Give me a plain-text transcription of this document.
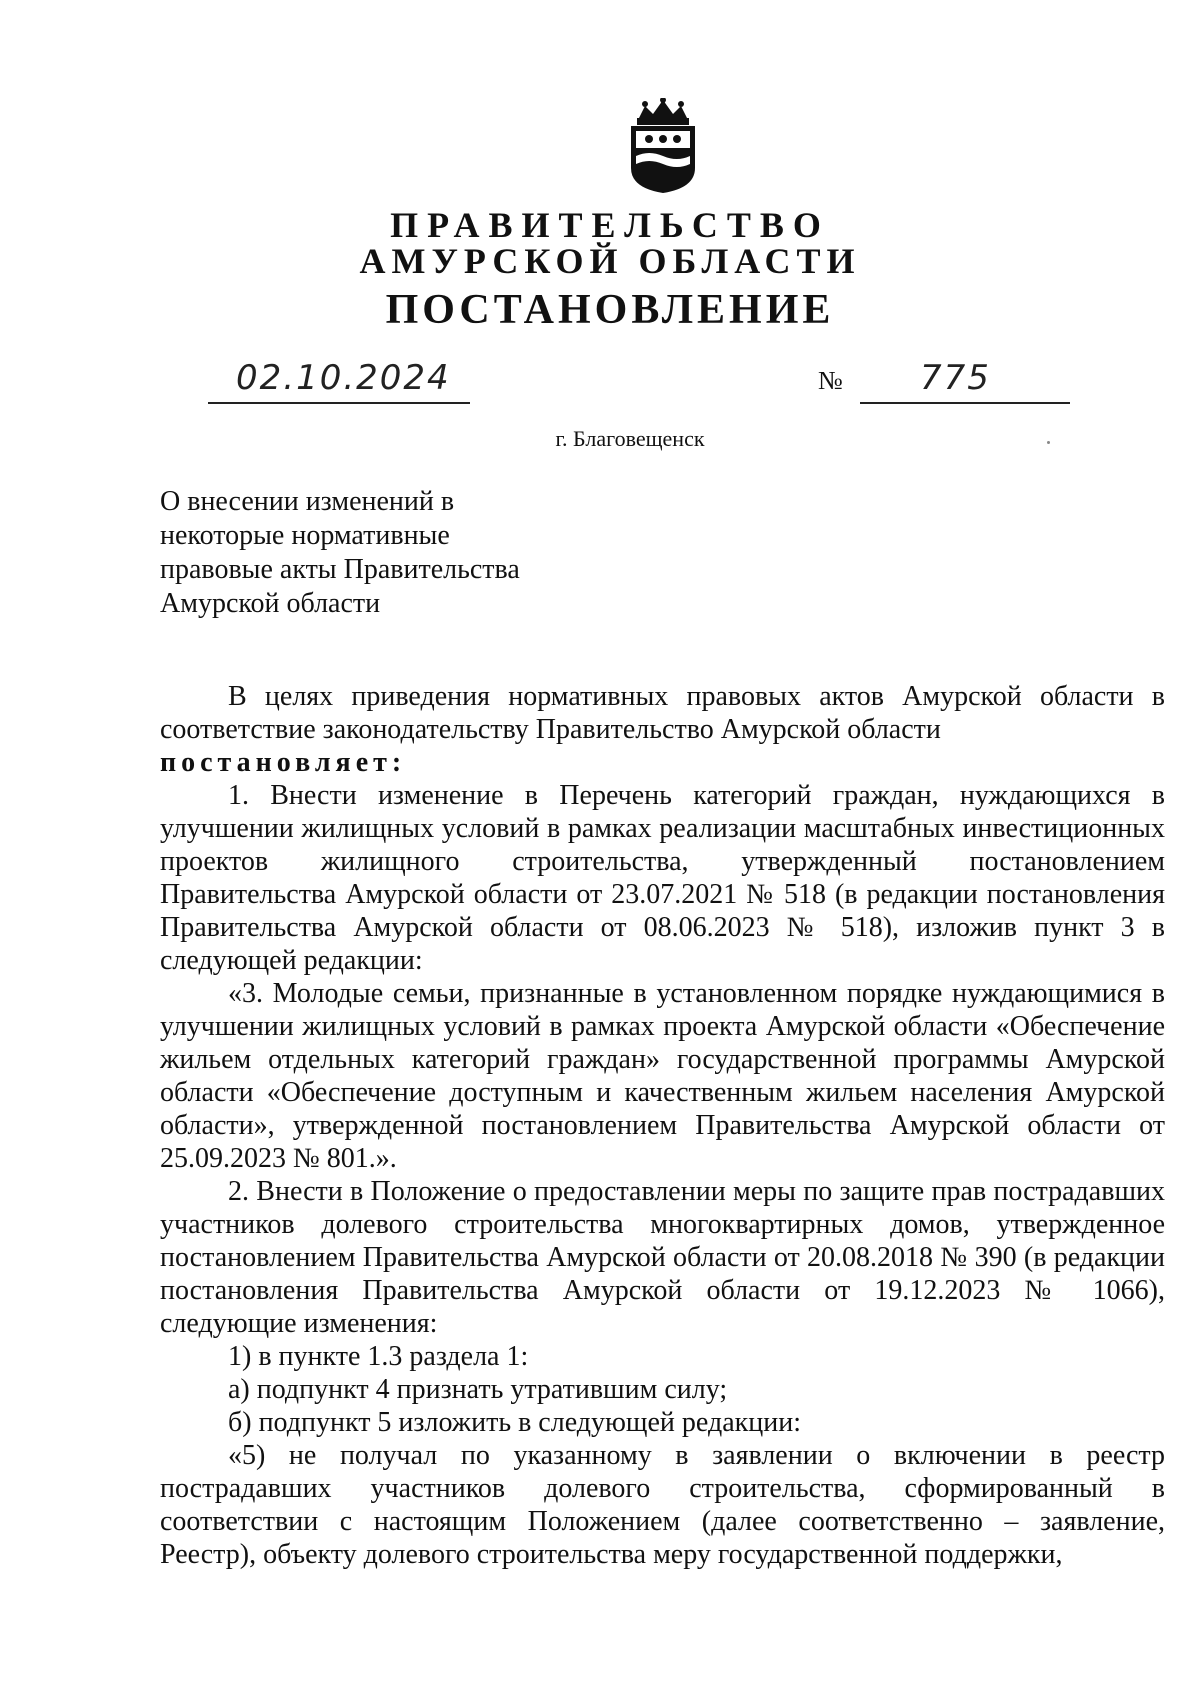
ПРАВИТЕЛЬСТВО
АМУРСКОЙ ОБЛАСТИ
ПОСТАНОВЛЕНИЕ
02.10.2024	№ 775
г. Благовещенск
О внесении изменений в
некоторые нормативные
правовые акты Правительства
Амурской области

В целях приведения нормативных правовых актов Амурской области в соответствие законодательству Правительство Амурской области

постановляет:

1. Внести изменение в Перечень категорий граждан, нуждающихся в улучшении жилищных условий в рамках реализации масштабных инвестиционных проектов жилищного строительства, утвержденный постановлением Правительства Амурской области от 23.07.2021 № 518 (в редакции постановления Правительства Амурской области от 08.06.2023 № 518), изложив пункт 3 в следующей редакции:

«3. Молодые семьи, признанные в установленном порядке нуждающимися в улучшении жилищных условий в рамках проекта Амурской области «Обеспечение жильем отдельных категорий граждан» государственной программы Амурской области «Обеспечение доступным и качественным жильем населения Амурской области», утвержденной постановлением Правительства Амурской области от 25.09.2023 № 801.».

2. Внести в Положение о предоставлении меры по защите прав пострадавших участников долевого строительства многоквартирных домов, утвержденное постановлением Правительства Амурской области от 20.08.2018 № 390 (в редакции постановления Правительства Амурской области от 19.12.2023 № 1066), следующие изменения:

1) в пункте 1.3 раздела 1:

а) подпункт 4 признать утратившим силу;

б) подпункт 5 изложить в следующей редакции:

«5) не получал по указанному в заявлении о включении в реестр пострадавших участников долевого строительства, сформированный в соответствии с настоящим Положением (далее соответственно – заявление, Реестр), объекту долевого строительства меру государственной поддержки,
